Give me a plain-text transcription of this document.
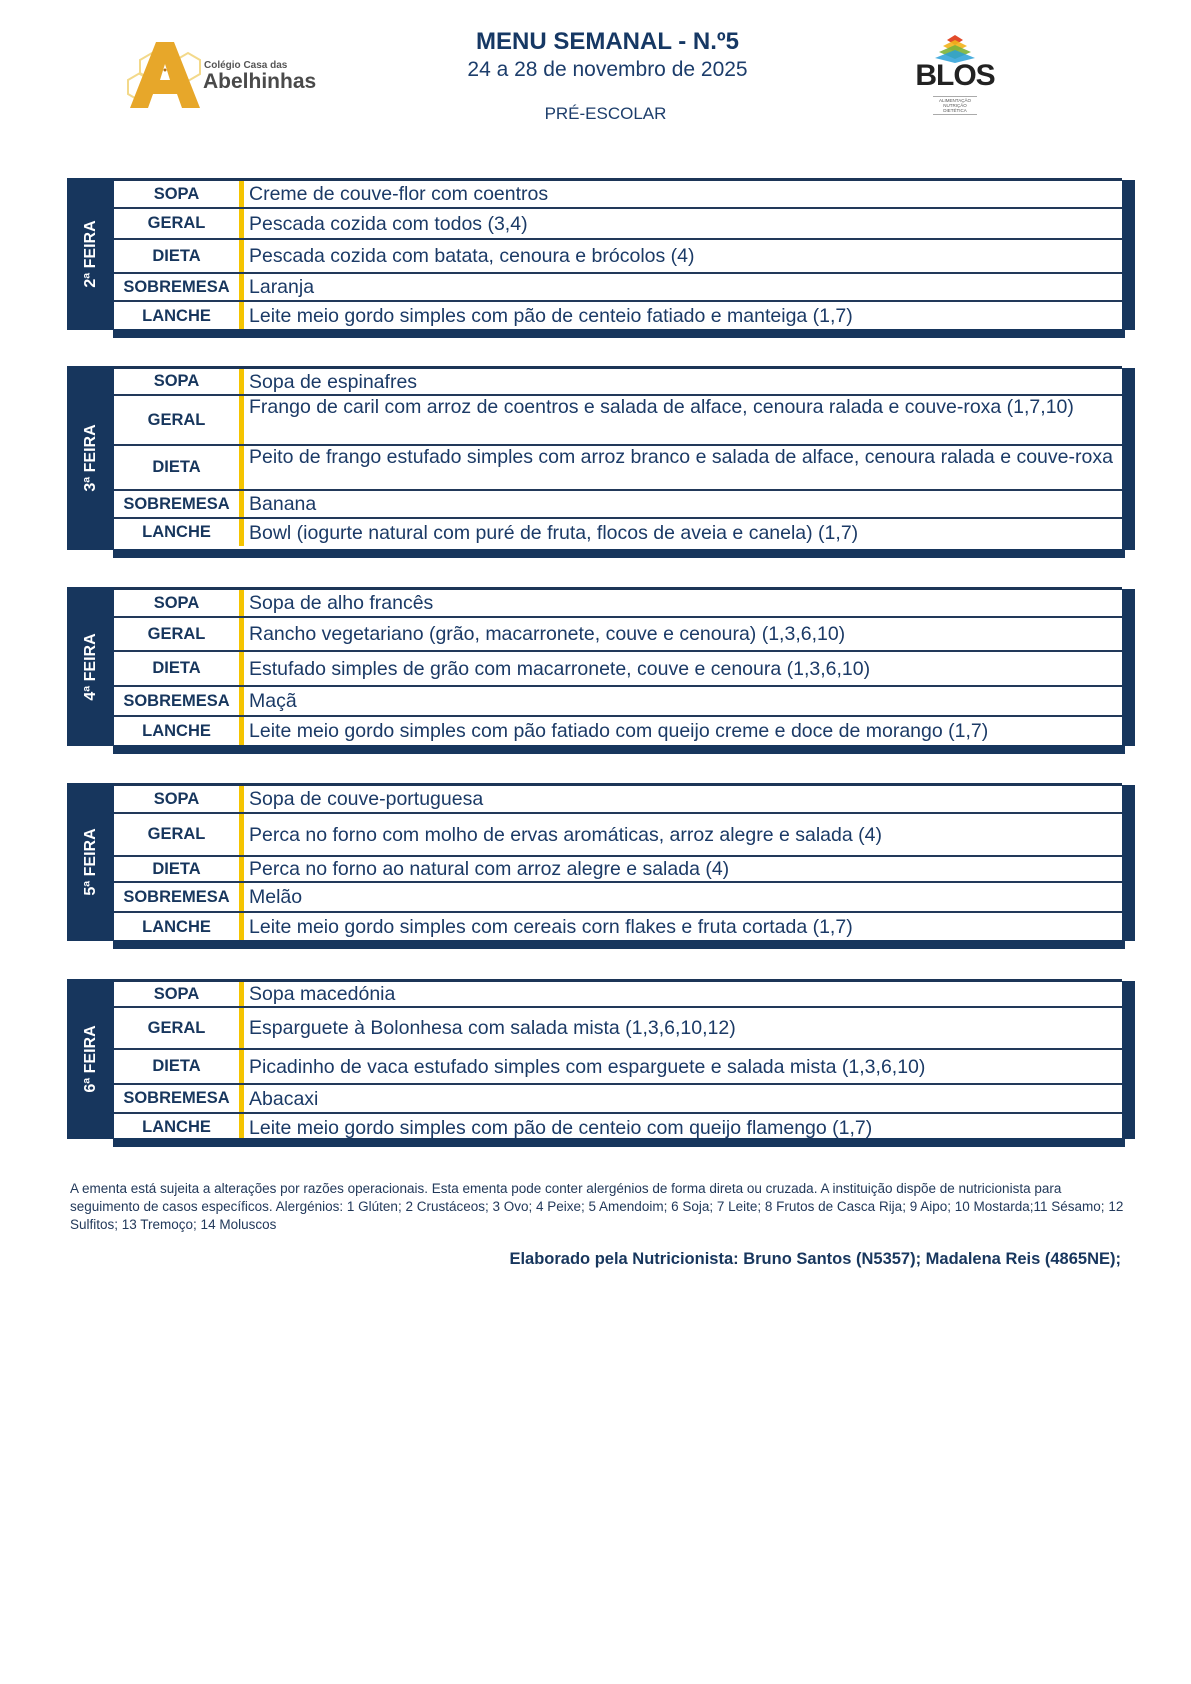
Colégio Casa das
Abelhinhas
MENU SEMANAL - N.º5
24 a 28 de novembro de 2025
PRÉ-ESCOLAR
BLOS
ALIMENTAÇÃO NUTRIÇÃO DIETÉTICA
2ª FEIRA
SOPA	Creme de couve-flor com coentros
GERAL	Pescada cozida com todos (3,4)
DIETA	Pescada cozida com batata, cenoura e brócolos (4)
SOBREMESA Laranja
LANCHE	Leite meio gordo simples com pão de centeio fatiado e manteiga (1,7)
3ª FEIRA
SOPA	Sopa de espinafres
GERAL
Frango de caril com arroz de coentros e salada de alface, cenoura ralada e couve-roxa (1,7,10)
DIETA	Peito de frango estufado simples com arroz branco e salada de alface, cenoura ralada e couve-roxa
SOBREMESA Banana
LANCHE	Bowl (iogurte natural com puré de fruta, flocos de aveia e canela) (1,7)
4ª FEIRA
SOPA	Sopa de alho francês
GERAL	Rancho vegetariano (grão, macarronete, couve e cenoura) (1,3,6,10)
DIETA	Estufado simples de grão com macarronete, couve e cenoura (1,3,6,10)
SOBREMESA Maçã
LANCHE	Leite meio gordo simples com pão fatiado com queijo creme e doce de morango (1,7)
5ª FEIRA
SOPA	Sopa de couve-portuguesa
GERAL	Perca no forno com molho de ervas aromáticas, arroz alegre e salada (4)
DIETA	Perca no forno ao natural com arroz alegre e salada (4)
SOBREMESA Melão
LANCHE	Leite meio gordo simples com cereais corn flakes e fruta cortada (1,7)
6ª FEIRA
SOPA	Sopa macedónia
GERAL	Esparguete à Bolonhesa com salada mista (1,3,6,10,12)
DIETA	Picadinho de vaca estufado simples com esparguete e salada mista (1,3,6,10)
SOBREMESA Abacaxi
LANCHE	Leite meio gordo simples com pão de centeio com queijo flamengo (1,7)
A ementa está sujeita a alterações por razões operacionais. Esta ementa pode conter alergénios de forma direta ou cruzada. A instituição dispõe de nutricionista para seguimento de casos específicos. Alergénios: 1 Glúten; 2 Crustáceos; 3 Ovo; 4 Peixe; 5 Amendoim; 6 Soja; 7 Leite; 8 Frutos de Casca Rija; 9 Aipo; 10 Mostarda;11 Sésamo; 12 Sulfitos; 13 Tremoço; 14 Moluscos
Elaborado pela Nutricionista: Bruno Santos (N5357); Madalena Reis (4865NE);
